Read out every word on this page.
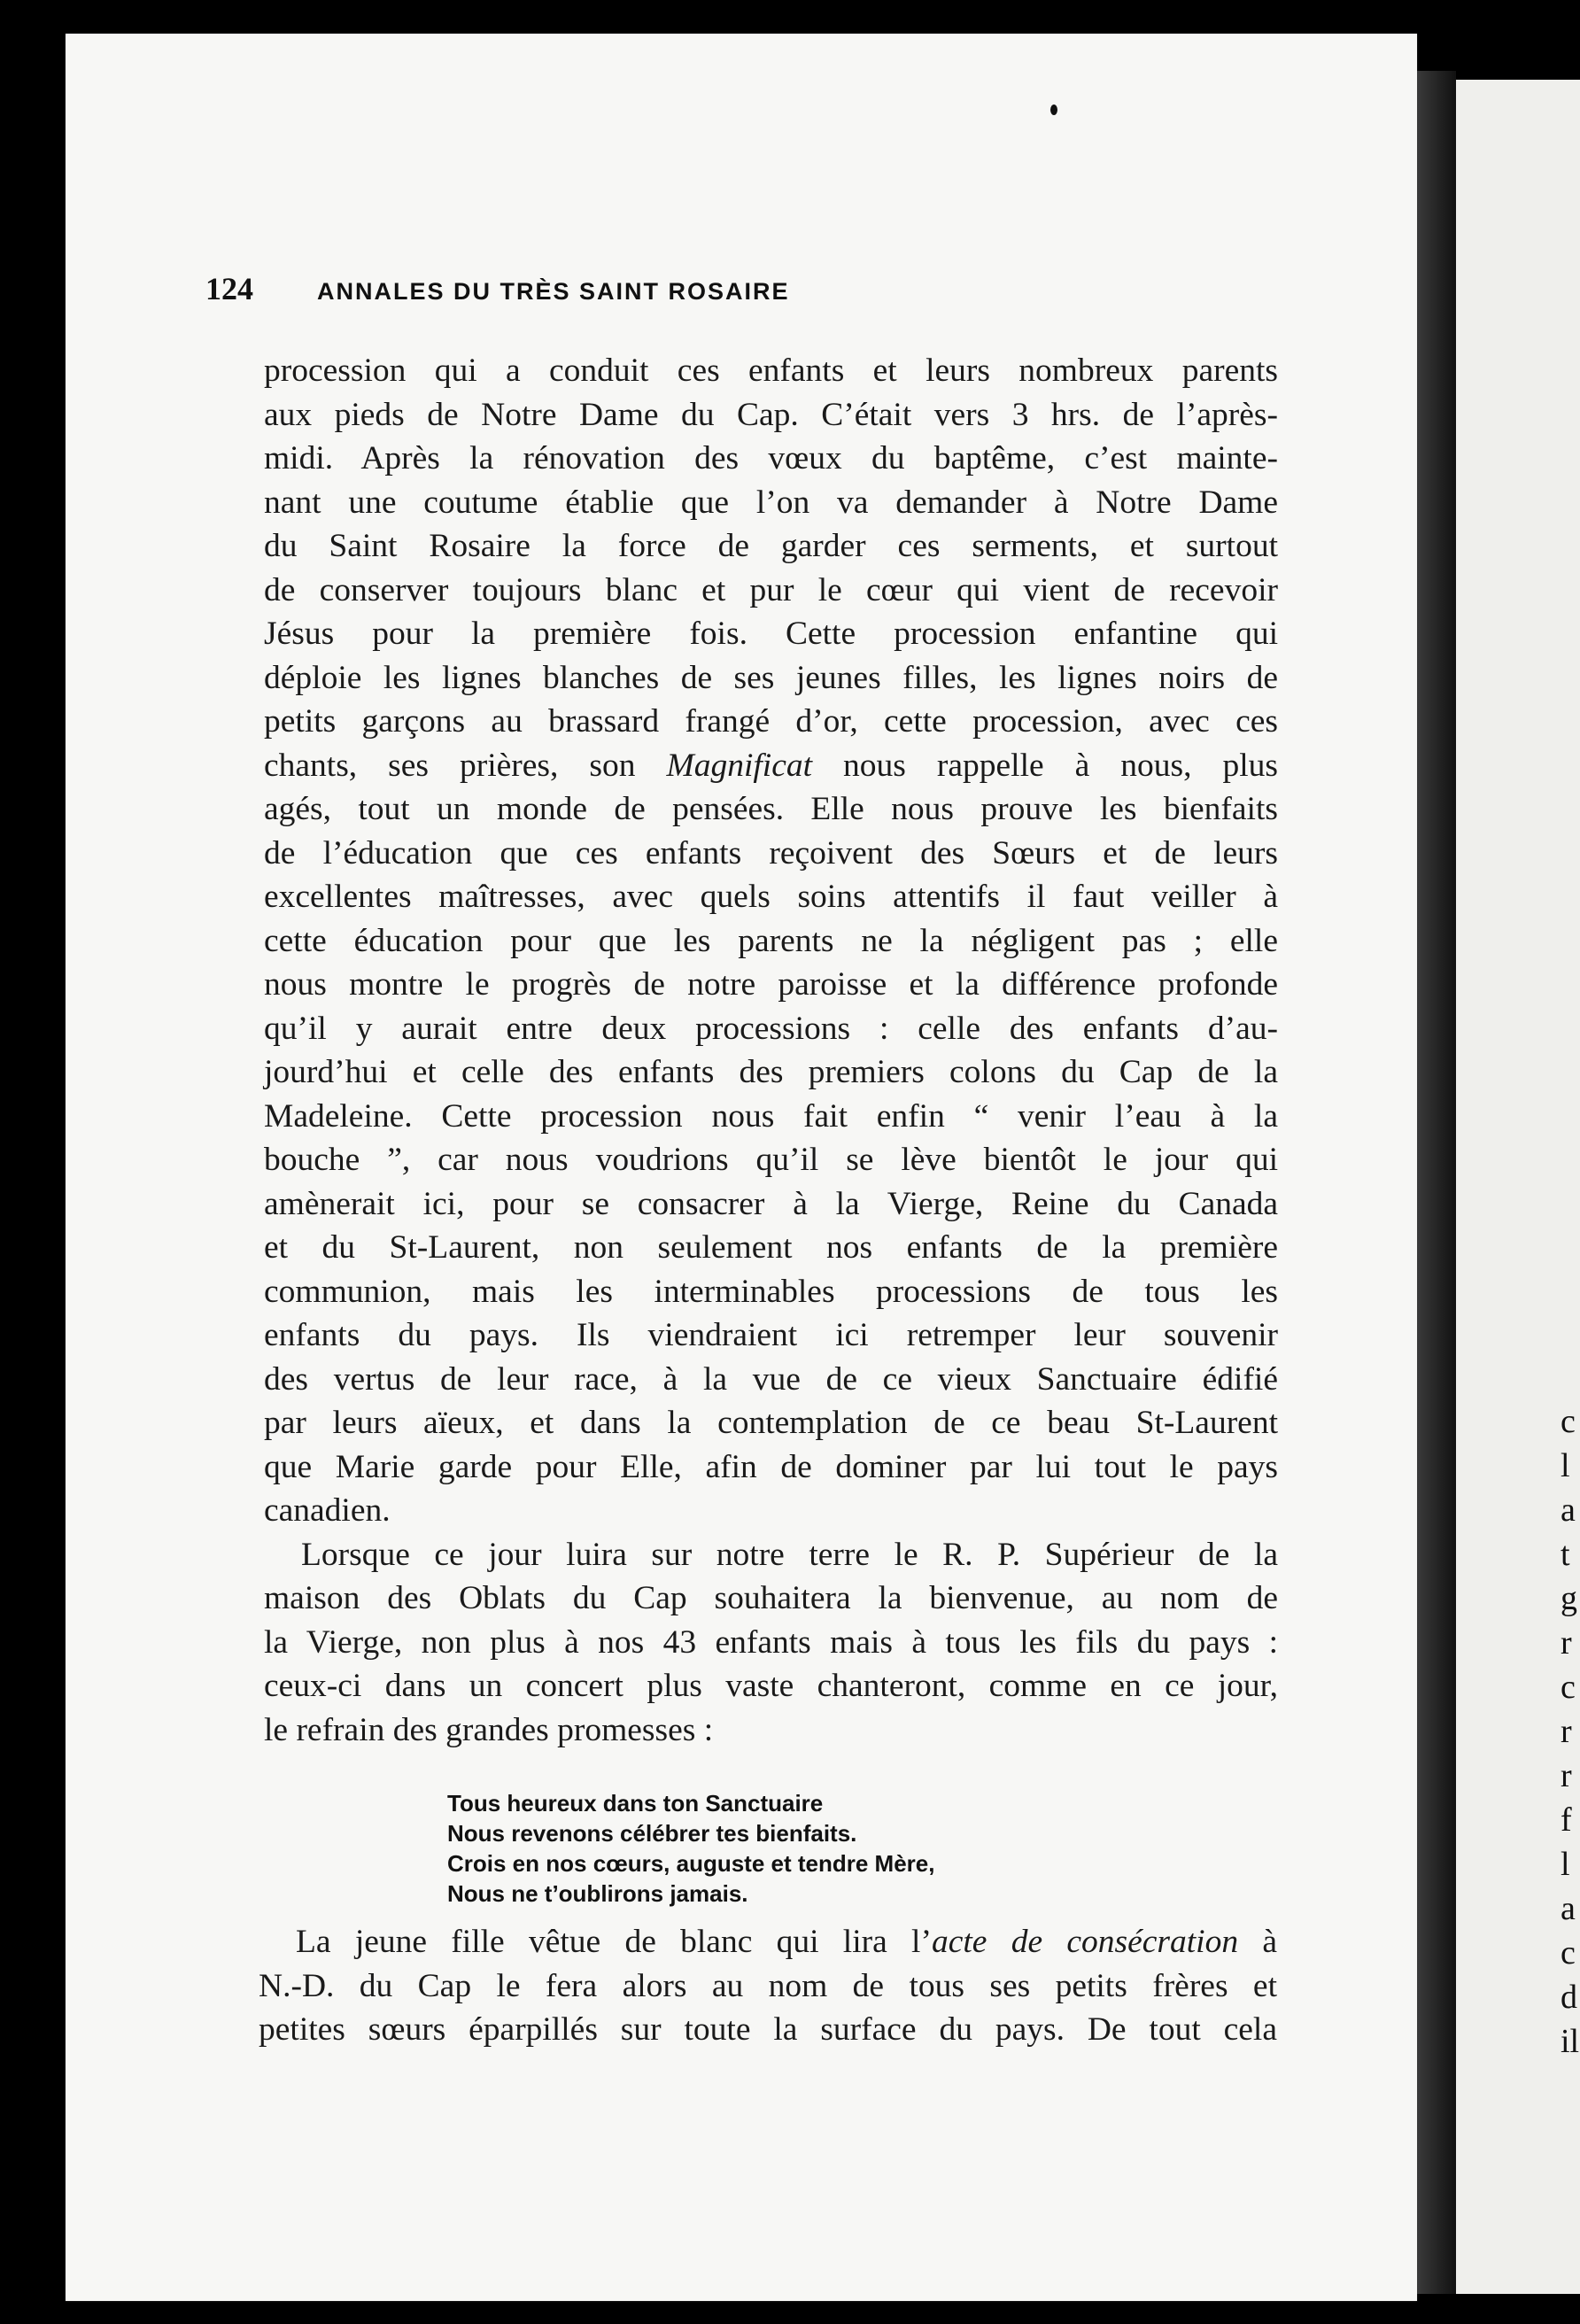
c
l
a
t
g
r
c
r
r
f
l
a
c
d
il
124	ANNALES DU TRÈS SAINT ROSAIRE
procession qui a conduit ces enfants et leurs nombreux parents
aux pieds de Notre Dame du Cap. C’était vers 3 hrs. de l’après-
midi. Après la rénovation des vœux du baptême, c’est mainte-
nant une coutume établie que l’on va demander à Notre Dame
du Saint Rosaire la force de garder ces serments, et surtout
de conserver toujours blanc et pur le cœur qui vient de recevoir
Jésus pour la première fois. Cette procession enfantine qui
déploie les lignes blanches de ses jeunes filles, les lignes noirs de
petits garçons au brassard frangé d’or, cette procession, avec ces
chants, ses prières, son Magnificat nous rappelle à nous, plus
agés, tout un monde de pensées. Elle nous prouve les bienfaits
de l’éducation que ces enfants reçoivent des Sœurs et de leurs
excellentes maîtresses, avec quels soins attentifs il faut veiller à
cette éducation pour que les parents ne la négligent pas ; elle
nous montre le progrès de notre paroisse et la différence profonde
qu’il y aurait entre deux processions : celle des enfants d’au-
jourd’hui et celle des enfants des premiers colons du Cap de la
Madeleine. Cette procession nous fait enfin “ venir l’eau à la
bouche ”, car nous voudrions qu’il se lève bientôt le jour qui
amènerait ici, pour se consacrer à la Vierge, Reine du Canada
et du St-Laurent, non seulement nos enfants de la première
communion, mais les interminables processions de tous les
enfants du pays. Ils viendraient ici retremper leur souvenir
des vertus de leur race, à la vue de ce vieux Sanctuaire édifié
par leurs aïeux, et dans la contemplation de ce beau St-Laurent
que Marie garde pour Elle, afin de dominer par lui tout le pays
canadien.
Lorsque ce jour luira sur notre terre le R. P. Supérieur de la
maison des Oblats du Cap souhaitera la bienvenue, au nom de
la Vierge, non plus à nos 43 enfants mais à tous les fils du pays :
ceux-ci dans un concert plus vaste chanteront, comme en ce jour,
le refrain des grandes promesses :
Tous heureux dans ton Sanctuaire
Nous revenons célébrer tes bienfaits.
Crois en nos cœurs, auguste et tendre Mère,
Nous ne t’oublirons jamais.
La jeune fille vêtue de blanc qui lira l’acte de consécration à
N.-D. du Cap le fera alors au nom de tous ses petits frères et
petites sœurs éparpillés sur toute la surface du pays. De tout cela
